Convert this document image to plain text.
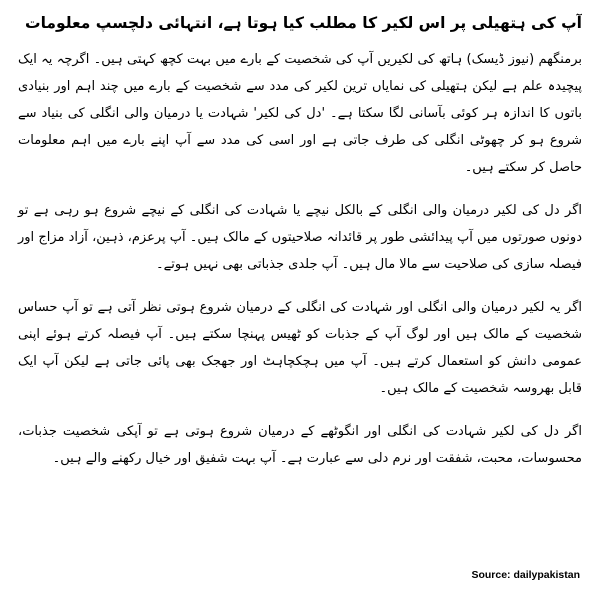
آپ کی ہتھیلی پر اس لکیر کا مطلب کیا ہوتا ہے، انتہائی دلچسپ معلومات

برمنگھم (نیوز ڈیسک) ہاتھ کی لکیریں آپ کی شخصیت کے بارے میں بہت کچھ کہتی ہیں۔ اگرچہ یہ ایک پیچیدہ علم ہے لیکن ہتھیلی کی نمایاں ترین لکیر کی مدد سے شخصیت کے بارے میں چند اہم اور بنیادی باتوں کا اندازہ ہر کوئی بآسانی لگا سکتا ہے۔ 'دل کی لکیر' شہادت یا درمیان والی انگلی کی بنیاد سے شروع ہو کر چھوٹی انگلی کی طرف جاتی ہے اور اسی کی مدد سے آپ اپنے بارے میں اہم معلومات حاصل کر سکتے ہیں۔

اگر دل کی لکیر درمیان والی انگلی کے بالکل نیچے یا شہادت کی انگلی کے نیچے شروع ہو رہی ہے تو دونوں صورتوں میں آپ پیدائشی طور پر قائدانہ صلاحیتوں کے مالک ہیں۔ آپ پرعزم، ذہین، آزاد مزاج اور فیصلہ سازی کی صلاحیت سے مالا مال ہیں۔ آپ جلدی جذباتی بھی نہیں ہوتے۔

اگر یہ لکیر درمیان والی انگلی اور شہادت کی انگلی کے درمیان شروع ہوتی نظر آتی ہے تو آپ حساس شخصیت کے مالک ہیں اور لوگ آپ کے جذبات کو ٹھیس پہنچا سکتے ہیں۔ آپ فیصلہ کرتے ہوئے اپنی عمومی دانش کو استعمال کرتے ہیں۔ آپ میں ہچکچاہٹ اور جھجک بھی پائی جاتی ہے لیکن آپ ایک قابل بھروسہ شخصیت کے مالک ہیں۔

اگر دل کی لکیر شہادت کی انگلی اور انگوٹھے کے درمیان شروع ہوتی ہے تو آپکی شخصیت جذبات، محسوسات، محبت، شفقت اور نرم دلی سے عبارت ہے۔ آپ بہت شفیق اور خیال رکھنے والے ہیں۔

Source: dailypakistan
